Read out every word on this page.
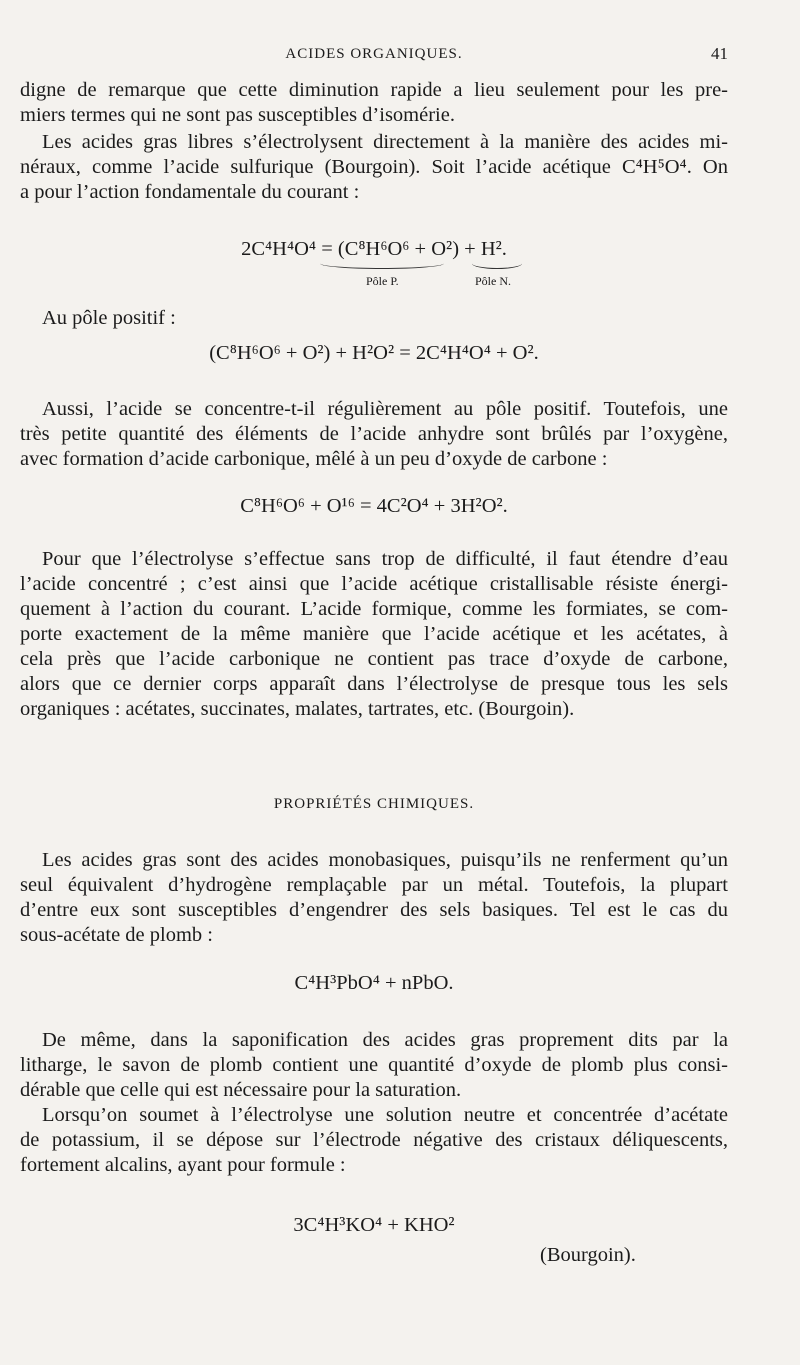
ACIDES ORGANIQUES.	41
digne de remarque que cette diminution rapide a lieu seulement pour les pre-
miers termes qui ne sont pas susceptibles d’isomérie.
Les acides gras libres s’électrolysent directement à la manière des acides mi-
néraux, comme l’acide sulfurique (Bourgoin). Soit l’acide acétique C⁴H⁵O⁴. On
a pour l’action fondamentale du courant :
2C⁴H⁴O⁴ = (C⁸H⁶O⁶ + O²) + H².
Pôle P.	Pôle N.
Au pôle positif :
(C⁸H⁶O⁶ + O²) + H²O² = 2C⁴H⁴O⁴ + O².
Aussi, l’acide se concentre-t-il régulièrement au pôle positif. Toutefois, une
très petite quantité des éléments de l’acide anhydre sont brûlés par l’oxygène,
avec formation d’acide carbonique, mêlé à un peu d’oxyde de carbone :
C⁸H⁶O⁶ + O¹⁶ = 4C²O⁴ + 3H²O².
Pour que l’électrolyse s’effectue sans trop de difficulté, il faut étendre d’eau
l’acide concentré ; c’est ainsi que l’acide acétique cristallisable résiste énergi-
quement à l’action du courant. L’acide formique, comme les formiates, se com-
porte exactement de la même manière que l’acide acétique et les acétates, à
cela près que l’acide carbonique ne contient pas trace d’oxyde de carbone,
alors que ce dernier corps apparaît dans l’électrolyse de presque tous les sels
organiques : acétates, succinates, malates, tartrates, etc. (Bourgoin).
PROPRIÉTÉS CHIMIQUES.
Les acides gras sont des acides monobasiques, puisqu’ils ne renferment qu’un
seul équivalent d’hydrogène remplaçable par un métal. Toutefois, la plupart
d’entre eux sont susceptibles d’engendrer des sels basiques. Tel est le cas du
sous-acétate de plomb :
C⁴H³PbO⁴ + nPbO.
De même, dans la saponification des acides gras proprement dits par la
litharge, le savon de plomb contient une quantité d’oxyde de plomb plus consi-
dérable que celle qui est nécessaire pour la saturation.
Lorsqu’on soumet à l’électrolyse une solution neutre et concentrée d’acétate
de potassium, il se dépose sur l’électrode négative des cristaux déliquescents,
fortement alcalins, ayant pour formule :
3C⁴H³KO⁴ + KHO²
(Bourgoin).
